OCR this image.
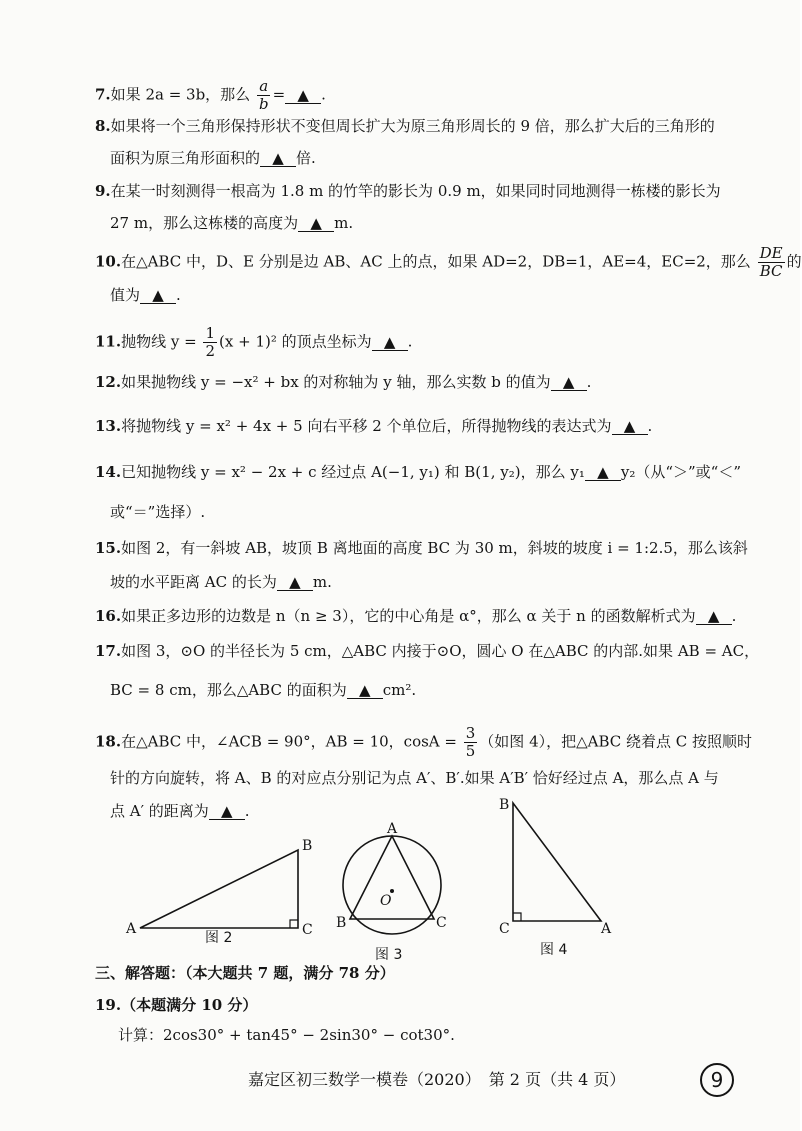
7.如果 2a = 3b，那么 $\frac{a}{b}$ = ▲ .
8.如果将一个三角形保持形状不变但周长扩大为原三角形周长的 9 倍，那么扩大后的三角形的
面积为原三角形面积的 ▲ 倍.
9.在某一时刻测得一根高为 1.8 m 的竹竿的影长为 0.9 m，如果同时同地测得一栋楼的影长为
27 m，那么这栋楼的高度为 ▲ m.
10.在△ABC 中，D、E 分别是边 AB、AC 上的点，如果 AD=2，DB=1，AE=4，EC=2，那么 $\frac{DE}{BC}$ 的
值为 ▲ .
11.抛物线 $y = \frac{1}{2} (x + 1)^2$ 的顶点坐标为 ▲ .
12.如果抛物线 y = −x² + bx 的对称轴为 y 轴，那么实数 b 的值为 ▲ .
13.将抛物线 y = x² + 4x + 5 向右平移 2 个单位后，所得抛物线的表达式为 ▲ .
14.已知抛物线 y = x² − 2x + c 经过点 A(−1, y₁) 和 B(1, y₂)，那么 y₁ ▲ y₂（从“＞”或“＜”
或“＝”选择）.
15.如图 2，有一斜坡 AB，坡顶 B 离地面的高度 BC 为 30 m，斜坡的坡度 i = 1:2.5，那么该斜
坡的水平距离 AC 的长为 ▲ m.
16.如果正多边形的边数是 n（n ≥ 3），它的中心角是 α°，那么 α 关于 n 的函数解析式为 ▲ .
17.如图 3，⊙O 的半径长为 5 cm，△ABC 内接于⊙O，圆心 O 在△ABC 的内部.如果 AB = AC，
BC = 8 cm，那么△ABC 的面积为 ▲ cm².
18.在△ABC 中，∠ACB = 90°，AB = 10，$\cos A = \frac{3}{5}$ （如图 4），把△ABC 绕着点 C 按照顺时
针的方向旋转，将 A、B 的对应点分别记为点 A′、B′.如果 A′B′ 恰好经过点 A，那么点 A 与
点 A′ 的距离为 ▲ .
A
B
C
图 2
A
B	C
O
图 3
B
C	A
图 4
三、解答题：（本大题共 7 题，满分 78 分）
19.（本题满分 10 分）
计算：2cos30° + tan45° − 2sin30° − cot30°.
嘉定区初三数学一模卷（2020）　第 2 页（共 4 页）	9
